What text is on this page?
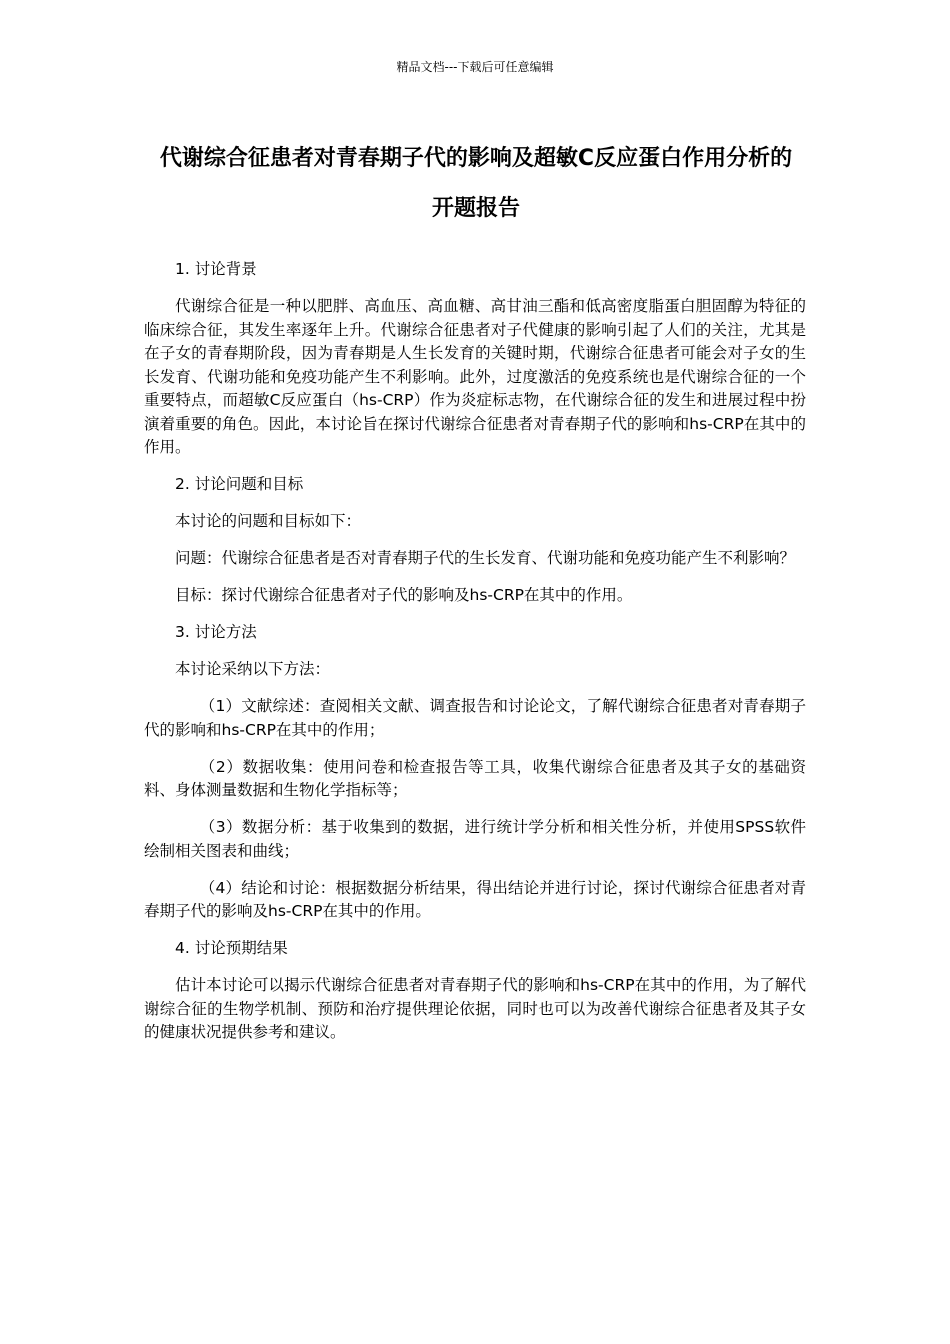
精品文档---下载后可任意编辑
代谢综合征患者对青春期子代的影响及超敏C反应蛋白作用分析的开题报告

1. 讨论背景

代谢综合征是一种以肥胖、高血压、高血糖、高甘油三酯和低高密度脂蛋白胆固醇为特征的临床综合征，其发生率逐年上升。代谢综合征患者对子代健康的影响引起了人们的关注，尤其是在子女的青春期阶段，因为青春期是人生长发育的关键时期，代谢综合征患者可能会对子女的生长发育、代谢功能和免疫功能产生不利影响。此外，过度激活的免疫系统也是代谢综合征的一个重要特点，而超敏C反应蛋白（hs-CRP）作为炎症标志物，在代谢综合征的发生和进展过程中扮演着重要的角色。因此，本讨论旨在探讨代谢综合征患者对青春期子代的影响和hs-CRP在其中的作用。

2. 讨论问题和目标

本讨论的问题和目标如下：

问题：代谢综合征患者是否对青春期子代的生长发育、代谢功能和免疫功能产生不利影响？

目标：探讨代谢综合征患者对子代的影响及hs-CRP在其中的作用。

3. 讨论方法

本讨论采纳以下方法：

（1）文献综述：查阅相关文献、调查报告和讨论论文，了解代谢综合征患者对青春期子代的影响和hs-CRP在其中的作用；

（2）数据收集：使用问卷和检查报告等工具，收集代谢综合征患者及其子女的基础资料、身体测量数据和生物化学指标等；

（3）数据分析：基于收集到的数据，进行统计学分析和相关性分析，并使用SPSS软件绘制相关图表和曲线；

（4）结论和讨论：根据数据分析结果，得出结论并进行讨论，探讨代谢综合征患者对青春期子代的影响及hs-CRP在其中的作用。

4. 讨论预期结果

估计本讨论可以揭示代谢综合征患者对青春期子代的影响和hs-CRP在其中的作用，为了解代谢综合征的生物学机制、预防和治疗提供理论依据，同时也可以为改善代谢综合征患者及其子女的健康状况提供参考和建议。
